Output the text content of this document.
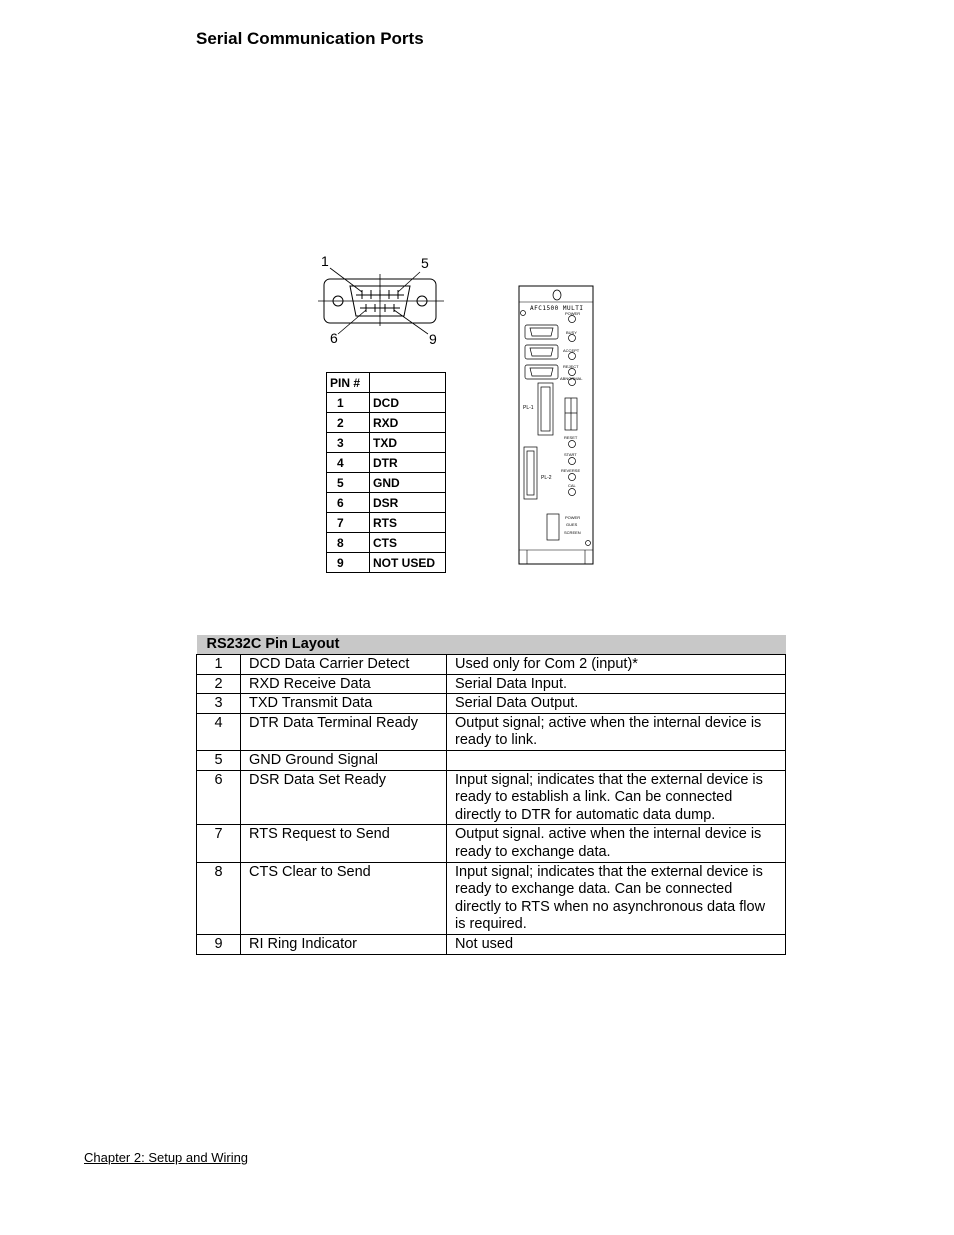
Serial Communication Ports
1	5
6	9
PIN #	
1	DCD
2	RXD
3	TXD
4	DTR
5	GND
6	DSR
7	RTS
8	CTS
9	NOT USED
AFC1500 MULTI
PL-1
PL-2
POWER
BUSY
ACCEPT
REJECT
ABNORMAL
RESET
START
REVERSE
CAL
POWER
GUES
SCREEN
RS232C Pin Layout		
1	DCD Data Carrier Detect	Used only for Com 2 (input)*
2	RXD Receive Data	Serial Data Input.
3	TXD Transmit Data	Serial Data Output.
4	DTR Data Terminal Ready	Output signal; active when the internal device is ready to link.
5	GND Ground Signal	
6	DSR Data Set Ready	Input signal; indicates that the external device is ready to establish a link. Can be connected directly to DTR for automatic data dump.
7	RTS Request to Send	Output signal. active when the internal device is ready to exchange data.
8	CTS Clear to Send	Input signal; indicates that the external device is ready to exchange data. Can be connected directly to RTS when no asynchronous data flow is required.
9	RI Ring Indicator	Not used
Chapter 2: Setup and Wiring
